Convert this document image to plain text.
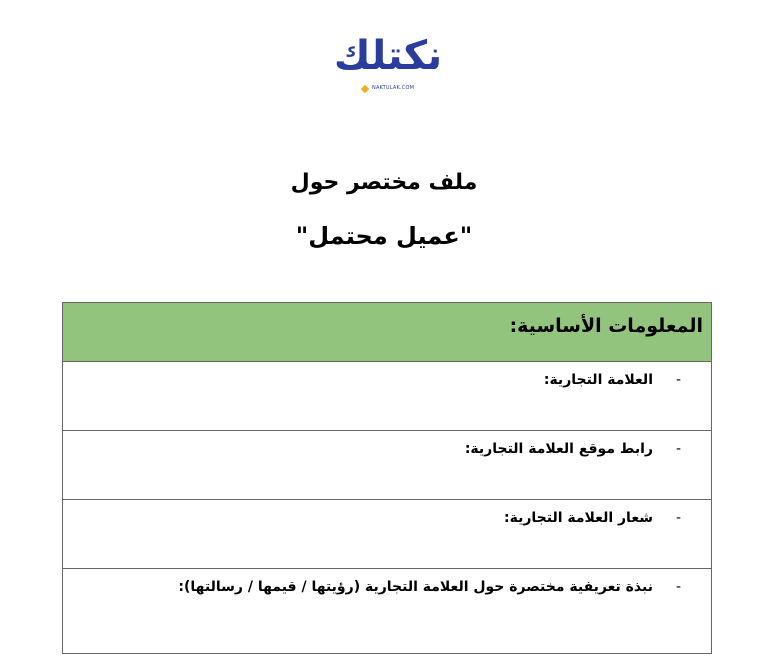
نكتلك
NAKTULAK.COM
ملف مختصر حول
"عميل محتمل"
المعلومات الأساسية:
-
العلامة التجارية:
-
رابط موقع العلامة التجارية:
-
شعار العلامة التجارية:
-
نبذة تعريفية مختصرة حول العلامة التجارية (رؤيتها / قيمها / رسالتها):
